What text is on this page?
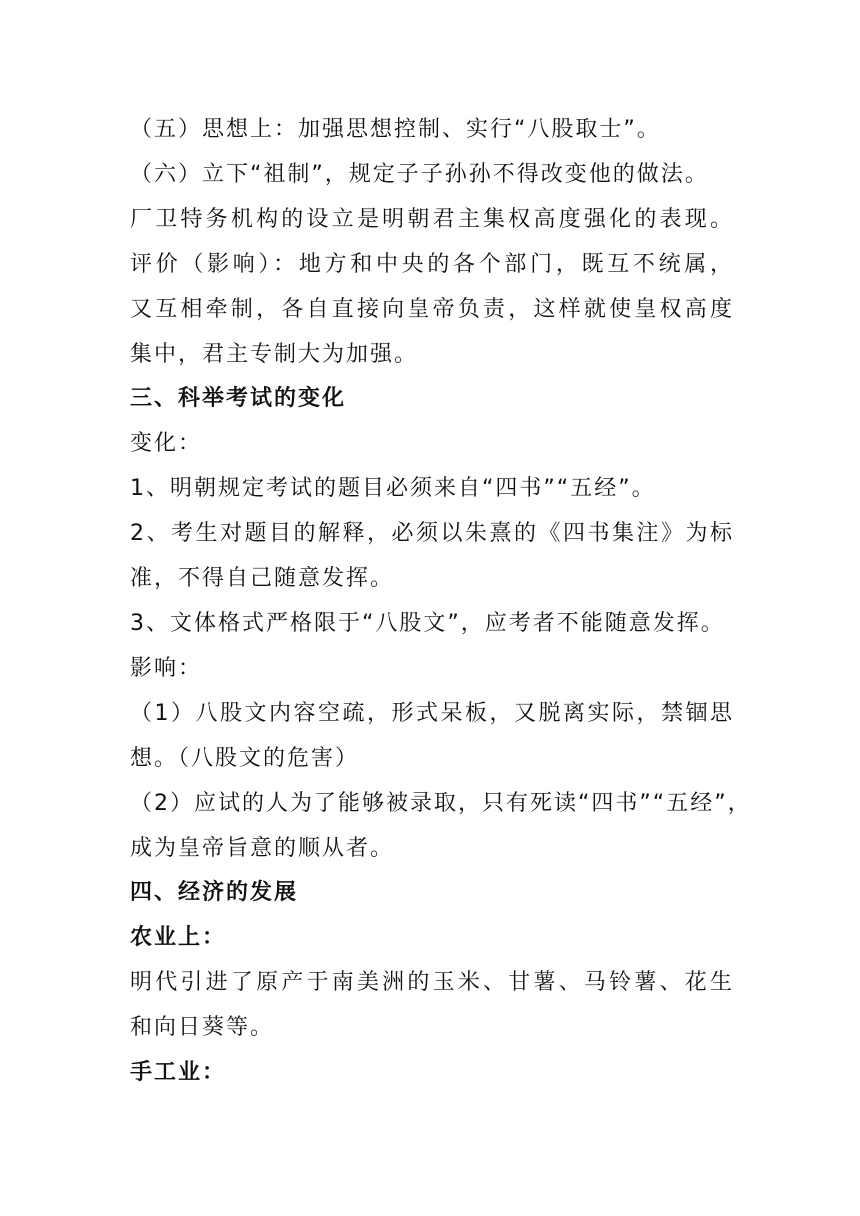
（五）思想上：加强思想控制、实行“八股取士”。

（六）立下“祖制”，规定子子孙孙不得改变他的做法。

厂卫特务机构的设立是明朝君主集权高度强化的表现。

评价（影响）：地方和中央的各个部门，既互不统属，

又互相牵制，各自直接向皇帝负责，这样就使皇权高度

集中，君主专制大为加强。

三、科举考试的变化

变化：

1、明朝规定考试的题目必须来自“四书”“五经”。

2、考生对题目的解释，必须以朱熹的《四书集注》为标

准，不得自己随意发挥。

3、文体格式严格限于“八股文”，应考者不能随意发挥。

影响：

（1）八股文内容空疏，形式呆板，又脱离实际，禁锢思

想。（八股文的危害）

（2）应试的人为了能够被录取，只有死读“四书”“五经”，

成为皇帝旨意的顺从者。

四、经济的发展

农业上：

明代引进了原产于南美洲的玉米、甘薯、马铃薯、花生

和向日葵等。

手工业：
